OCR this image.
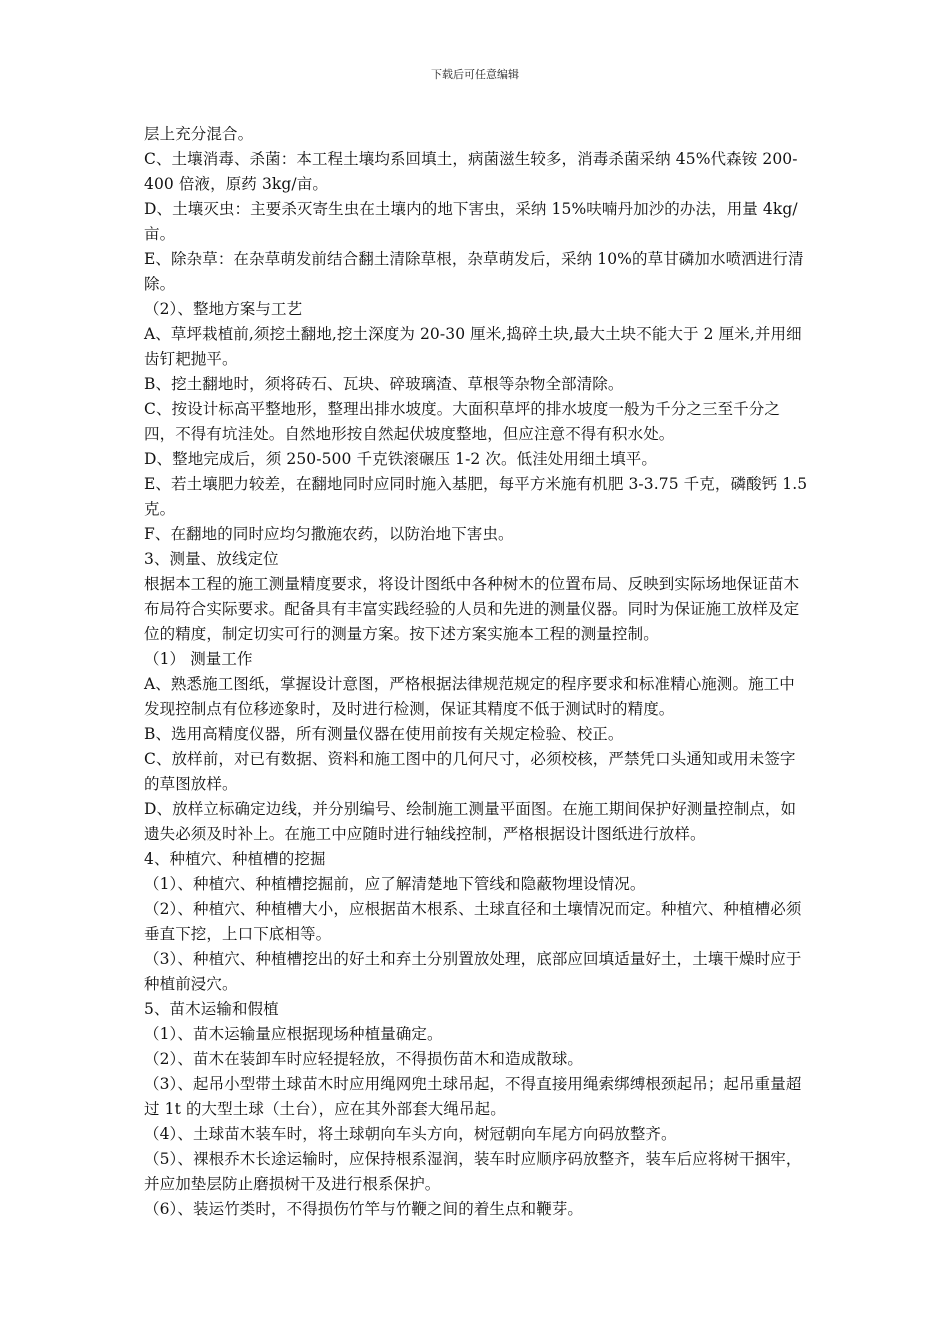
下载后可任意编辑

层上充分混合。

C、土壤消毒、杀菌：本工程土壤均系回填土，病菌滋生较多，消毒杀菌采纳 45%代森铵 200-400 倍液，原药 3kg/亩。

D、土壤灭虫：主要杀灭寄生虫在土壤内的地下害虫，采纳 15%呋喃丹加沙的办法，用量 4kg/亩。

E、除杂草：在杂草萌发前结合翻土清除草根，杂草萌发后，采纳 10%的草甘磷加水喷洒进行清除。

（2）、整地方案与工艺

A、草坪栽植前,须挖土翻地,挖土深度为 20-30 厘米,捣碎土块,最大土块不能大于 2 厘米,并用细齿钉耙抛平。

B、挖土翻地时，须将砖石、瓦块、碎玻璃渣、草根等杂物全部清除。

C、按设计标高平整地形，整理出排水坡度。大面积草坪的排水坡度一般为千分之三至千分之四，不得有坑洼处。自然地形按自然起伏坡度整地，但应注意不得有积水处。

D、整地完成后，须 250-500 千克铁滚碾压 1-2 次。低洼处用细土填平。

E、若土壤肥力较差，在翻地同时应同时施入基肥，每平方米施有机肥 3-3.75 千克，磷酸钙 1.5 克。

F、在翻地的同时应均匀撒施农药，以防治地下害虫。

3、测量、放线定位

根据本工程的施工测量精度要求，将设计图纸中各种树木的位置布局、反映到实际场地保证苗木布局符合实际要求。配备具有丰富实践经验的人员和先进的测量仪器。同时为保证施工放样及定位的精度，制定切实可行的测量方案。按下述方案实施本工程的测量控制。

（1） 测量工作

A、熟悉施工图纸，掌握设计意图，严格根据法律规范规定的程序要求和标准精心施测。施工中发现控制点有位移迹象时，及时进行检测，保证其精度不低于测试时的精度。

B、选用高精度仪器，所有测量仪器在使用前按有关规定检验、校正。

C、放样前，对已有数据、资料和施工图中的几何尺寸，必须校核，严禁凭口头通知或用未签字的草图放样。

D、放样立标确定边线，并分别编号、绘制施工测量平面图。在施工期间保护好测量控制点，如遗失必须及时补上。在施工中应随时进行轴线控制，严格根据设计图纸进行放样。

4、种植穴、种植槽的挖掘

（1）、种植穴、种植槽挖掘前，应了解清楚地下管线和隐蔽物埋设情况。

（2）、种植穴、种植槽大小，应根据苗木根系、土球直径和土壤情况而定。种植穴、种植槽必须垂直下挖，上口下底相等。

（3）、种植穴、种植槽挖出的好土和弃土分别置放处理，底部应回填适量好土，土壤干燥时应于种植前浸穴。

5、苗木运输和假植

（1）、苗木运输量应根据现场种植量确定。

（2）、苗木在装卸车时应轻提轻放，不得损伤苗木和造成散球。

（3）、起吊小型带土球苗木时应用绳网兜土球吊起，不得直接用绳索绑缚根颈起吊；起吊重量超过 1t 的大型土球（土台），应在其外部套大绳吊起。

（4）、土球苗木装车时，将土球朝向车头方向，树冠朝向车尾方向码放整齐。

（5）、裸根乔木长途运输时，应保持根系湿润，装车时应顺序码放整齐，装车后应将树干捆牢，并应加垫层防止磨损树干及进行根系保护。

（6）、装运竹类时，不得损伤竹竿与竹鞭之间的着生点和鞭芽。
